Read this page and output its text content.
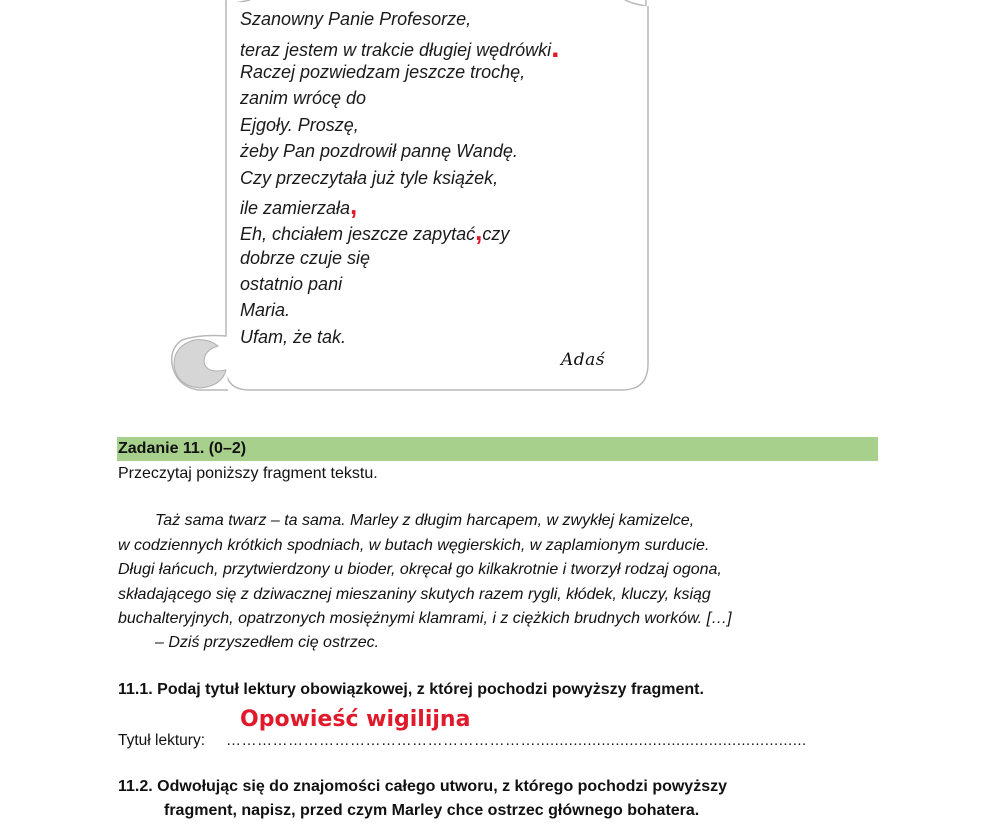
Szanowny Panie Profesorze,
teraz jestem w trakcie długiej wędrówki.
Raczej pozwiedzam jeszcze trochę,
zanim wrócę do
Ejgoły. Proszę,
żeby Pan pozdrowił pannę Wandę.
Czy przeczytała już tyle książek,
ile zamierzała,
Eh, chciałem jeszcze zapytać,czy
dobrze czuje się
ostatnio pani
Maria.
Ufam, że tak.
Adaś
Zadanie 11. (0–2)
Przeczytaj poniższy fragment tekstu.
Taż sama twarz – ta sama. Marley z długim harcapem, w zwykłej kamizelce,
w codziennych krótkich spodniach, w butach węgierskich, w zaplamionym surducie.
Długi łańcuch, przytwierdzony u bioder, okręcał go kilkakrotnie i tworzył rodzaj ogona,
składającego się z dziwacznej mieszaniny skutych razem rygli, kłódek, kluczy, ksiąg
buchalteryjnych, opatrzonych mosiężnymi klamrami, i z ciężkich brudnych worków. […]
– Dziś przyszedłem cię ostrzec.
11.1. Podaj tytuł lektury obowiązkowej, z której pochodzi powyższy fragment.
Opowieść wigilijna
Tytuł lektury: ……………………………………………………..........................................................
11.2. Odwołując się do znajomości całego utworu, z którego pochodzi powyższy
fragment, napisz, przed czym Marley chce ostrzec głównego bohatera.
